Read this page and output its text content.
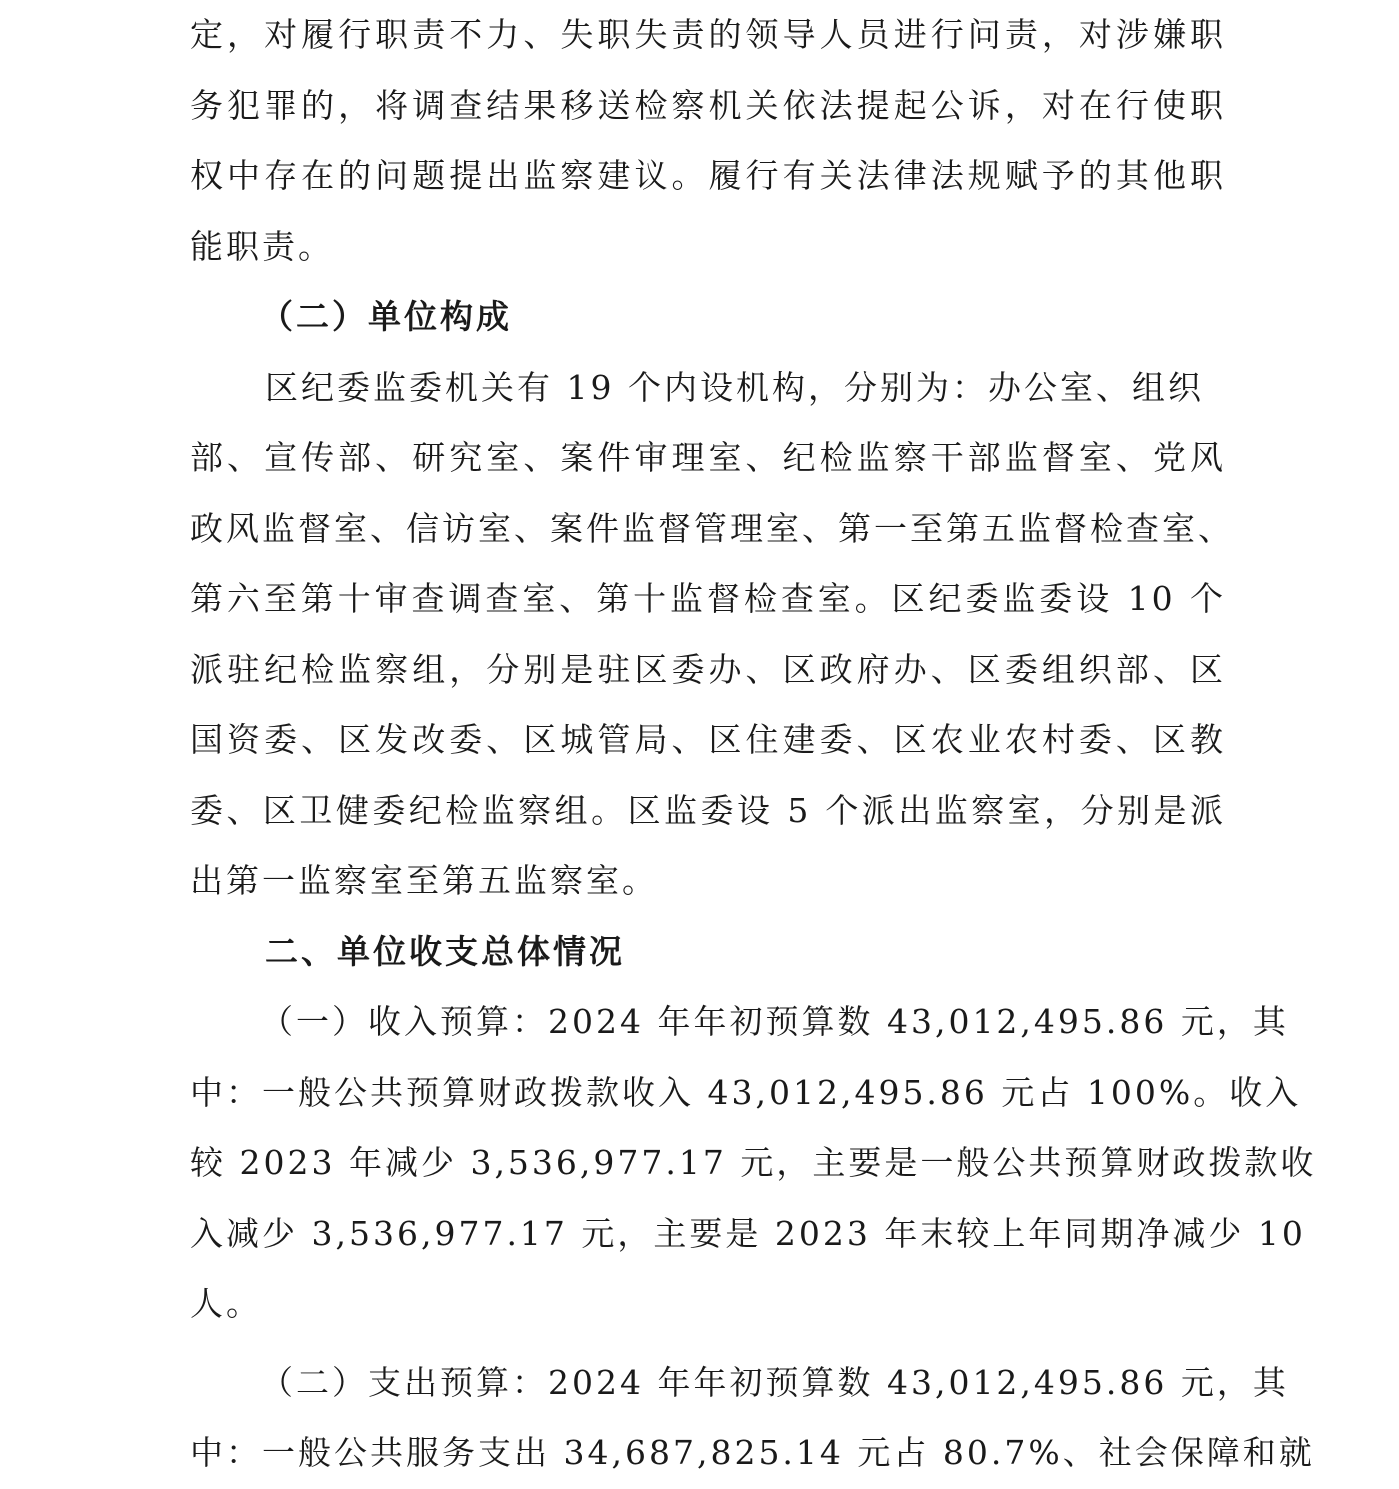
定，对履行职责不力、失职失责的领导人员进行问责，对涉嫌职
务犯罪的，将调查结果移送检察机关依法提起公诉，对在行使职
权中存在的问题提出监察建议。履行有关法律法规赋予的其他职
能职责。
（二）单位构成
区纪委监委机关有 19 个内设机构，分别为：办公室、组织
部、宣传部、研究室、案件审理室、纪检监察干部监督室、党风
政风监督室、信访室、案件监督管理室、第一至第五监督检查室、
第六至第十审查调查室、第十监督检查室。区纪委监委设 10 个
派驻纪检监察组，分别是驻区委办、区政府办、区委组织部、区
国资委、区发改委、区城管局、区住建委、区农业农村委、区教
委、区卫健委纪检监察组。区监委设 5 个派出监察室，分别是派
出第一监察室至第五监察室。
二、单位收支总体情况
（一）收入预算：2024 年年初预算数 43,012,495.86 元，其
中：一般公共预算财政拨款收入 43,012,495.86 元占 100%。收入
较 2023 年减少 3,536,977.17 元，主要是一般公共预算财政拨款收
入减少 3,536,977.17 元，主要是 2023 年末较上年同期净减少 10
人。
（二）支出预算：2024 年年初预算数 43,012,495.86 元，其
中：一般公共服务支出 34,687,825.14 元占 80.7%、社会保障和就
